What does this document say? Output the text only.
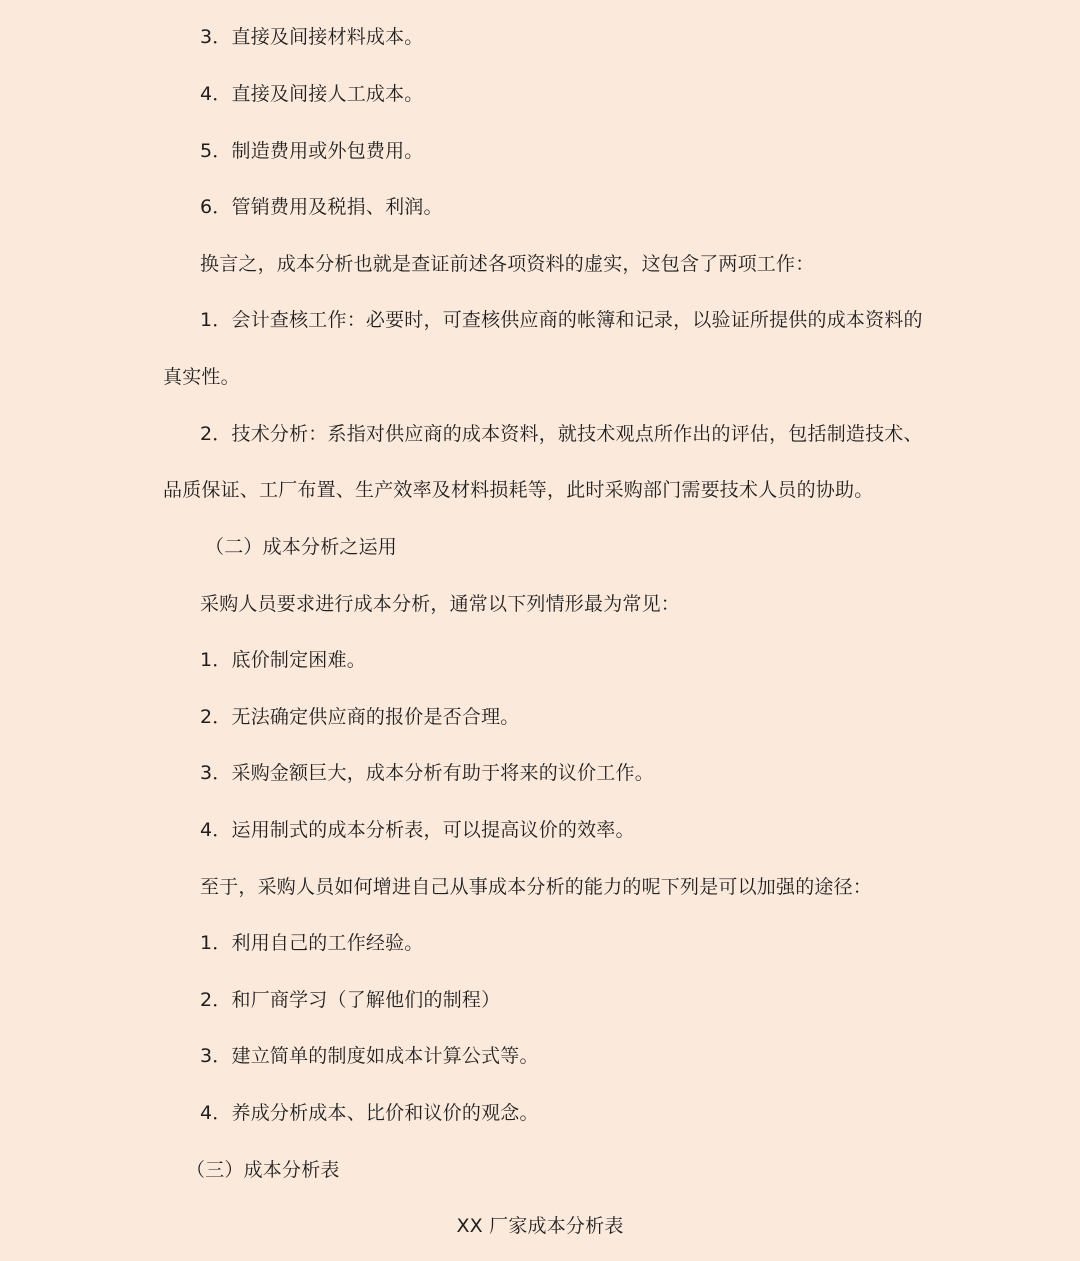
3．直接及间接材料成本。
4．直接及间接人工成本。
5．制造费用或外包费用。
6．管销费用及税捐、利润。
换言之，成本分析也就是查证前述各项资料的虚实，这包含了两项工作：
1．会计查核工作：必要时，可查核供应商的帐簿和记录，以验证所提供的成本资料的
真实性。
2．技术分析：系指对供应商的成本资料，就技术观点所作出的评估，包括制造技术、
品质保证、工厂布置、生产效率及材料损耗等，此时采购部门需要技术人员的协助。
（二）成本分析之运用
采购人员要求进行成本分析，通常以下列情形最为常见：
1．底价制定困难。
2．无法确定供应商的报价是否合理。
3．采购金额巨大，成本分析有助于将来的议价工作。
4．运用制式的成本分析表，可以提高议价的效率。
至于，采购人员如何增进自己从事成本分析的能力的呢下列是可以加强的途径：
1．利用自己的工作经验。
2．和厂商学习（了解他们的制程）
3．建立简单的制度如成本计算公式等。
4．养成分析成本、比价和议价的观念。
（三）成本分析表
XX 厂家成本分析表
